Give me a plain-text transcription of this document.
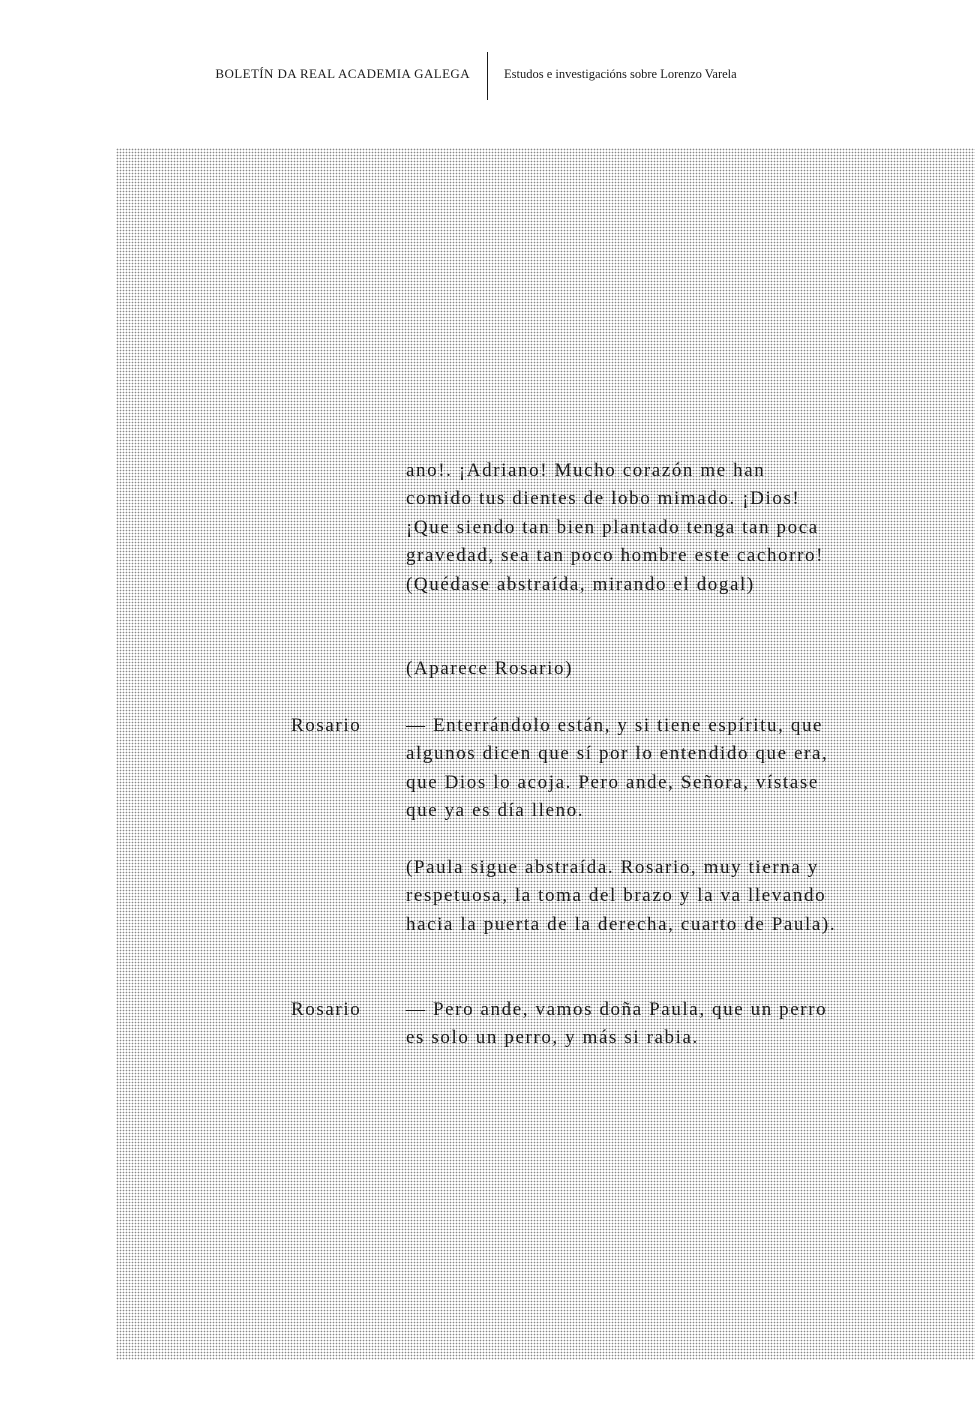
BOLETÍN DA REAL ACADEMIA GALEGA	Estudos e investigacións sobre Lorenzo Varela

ano!. ¡Adriano! Mucho corazón me han comido tus dientes de lobo mimado. ¡Dios! ¡Que siendo tan bien plantado tenga tan poca gravedad, sea tan poco hombre este cachorro! (Quédase abstraída, mirando el dogal)

(Aparece Rosario)

Rosario — Enterrándolo están, y si tiene espíritu, que algunos dicen que sí por lo entendido que era, que Dios lo acoja. Pero ande, Señora, vístase que ya es día lleno.

(Paula sigue abstraída. Rosario, muy tierna y respetuosa, la toma del brazo y la va llevando hacia la puerta de la derecha, cuarto de Paula).

Rosario — Pero ande, vamos doña Paula, que un perro es solo un perro, y más si rabia.
